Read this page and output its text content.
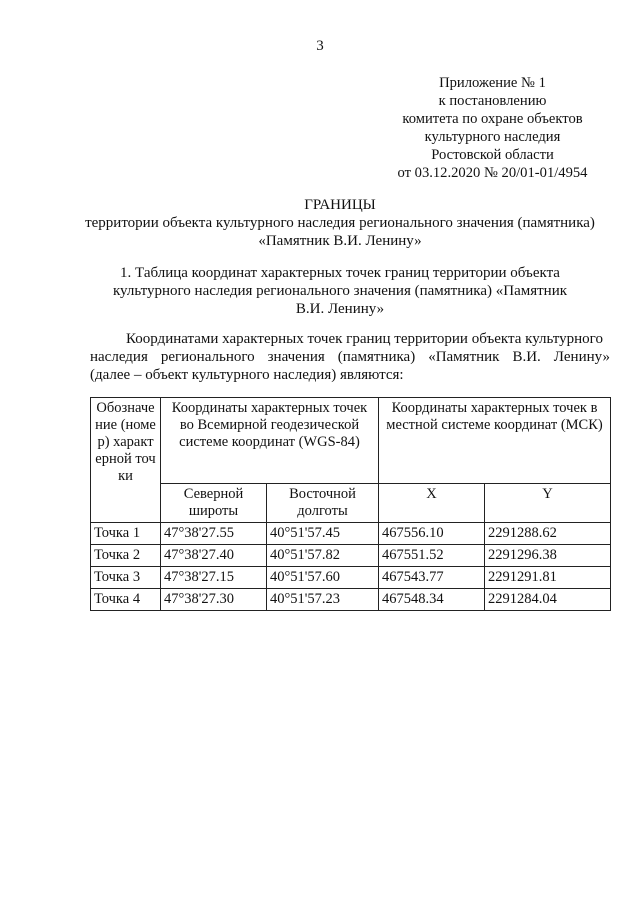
3
Приложение № 1
к постановлению
комитета по охране объектов
культурного наследия
Ростовской области
от 03.12.2020 № 20/01-01/4954
ГРАНИЦЫ
территории объекта культурного наследия регионального значения (памятника)
«Памятник В.И. Ленину»
1. Таблица координат характерных точек границ территории объекта
культурного наследия регионального значения (памятника) «Памятник
В.И. Ленину»
Координатами характерных точек границ территории объекта культурного
наследия регионального значения (памятника) «Памятник В.И. Ленину»
(далее – объект культурного наследия) являются:
Обозначение (номер) характерной точки	Координаты характерных точек во Всемирной геодезической системе координат (WGS-84)		Координаты характерных точек в местной системе координат (МСК)	
	Северной широты	Восточной долготы	X	Y
Точка 1	47°38'27.55	40°51'57.45	467556.10	2291288.62
Точка 2	47°38'27.40	40°51'57.82	467551.52	2291296.38
Точка 3	47°38'27.15	40°51'57.60	467543.77	2291291.81
Точка 4	47°38'27.30	40°51'57.23	467548.34	2291284.04
